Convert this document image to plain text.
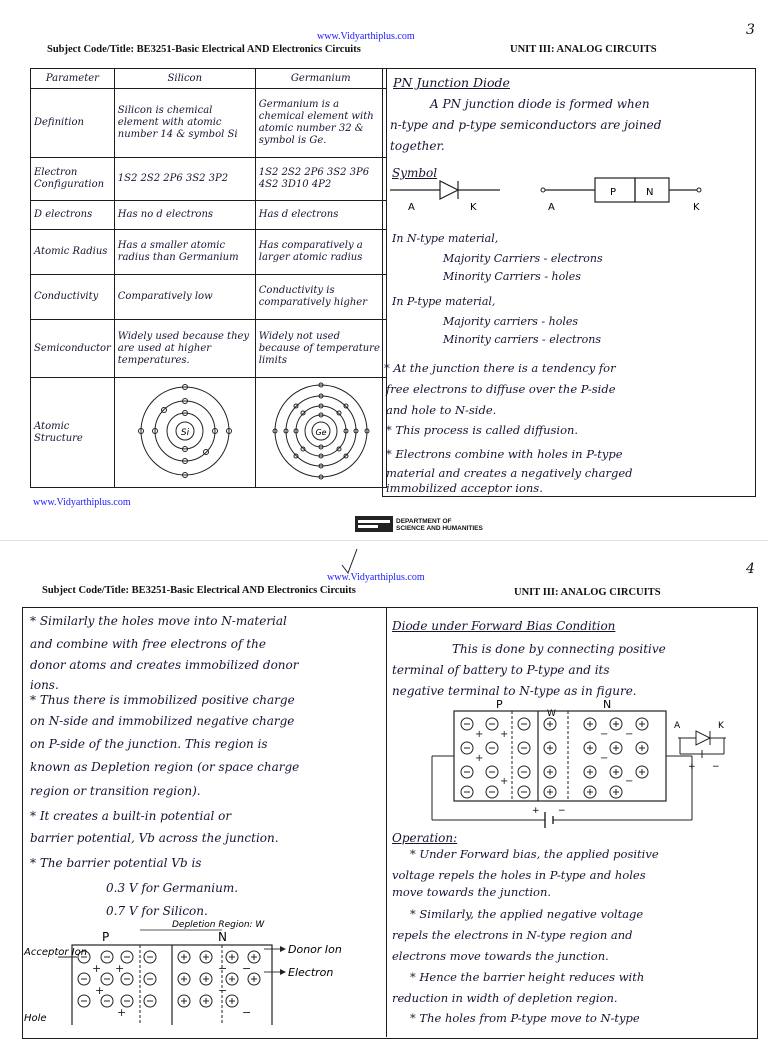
www.Vidyarthiplus.com	3
Subject Code/Title: BE3251-Basic Electrical AND Electronics Circuits	UNIT III: ANALOG CIRCUITS
Parameter	Silicon	Germanium
Definition	Silicon is chemical element with atomic number 14 & symbol Si	Germanium is a chemical element with atomic number 32 & symbol is Ge.
Electron Configuration	1S2 2S2 2P6 3S2 3P2	1S2 2S2 2P6 3S2 3P6 4S2 3D10 4P2
D electrons	Has no d electrons	Has d electrons
Atomic Radius	Has a smaller atomic radius than Germanium	Has comparatively a larger atomic radius
Conductivity	Comparatively low	Conductivity is comparatively higher
Semiconductor	Widely used because they are used at higher temperatures.	Widely not used because of temperature limits
Atomic Structure	Si	Ge
PN Junction Diode
A PN junction diode is formed when
n-type and p-type semiconductors are joined
together.
Symbol
A	K	A
P	N
K
In N-type material,
Majority Carriers - electrons
Minority Carriers - holes
In P-type material,
Majority carriers - holes
Minority carriers - electrons
* At the junction there is a tendency for
free electrons to diffuse over the P-side
and hole to N-side.
* This process is called diffusion.
* Electrons combine with holes in P-type
material and creates a negatively charged
immobilized acceptor ions.
www.Vidyarthiplus.com
DEPARTMENT OF
SCIENCE AND HUMANITIES
4
www.Vidyarthiplus.com
Subject Code/Title: BE3251-Basic Electrical AND Electronics Circuits	UNIT III: ANALOG CIRCUITS
* Similarly the holes move into N-material
and combine with free electrons of the
donor atoms and creates immobilized donor
ions.
* Thus there is immobilized positive charge
on N-side and immobilized negative charge
on P-side of the junction. This region is
known as Depletion region (or space charge
region or transition region).
* It creates a built-in potential or
barrier potential, Vb across the junction.
* The barrier potential Vb is
0.3 V for Germanium.
0.7 V for Silicon.
Depletion Region: W
P	N
+ +
+
+
− −
−
−
Acceptor Ion
Hole
Donor Ion
Electron
Diode under Forward Bias Condition
This is done by connecting positive
terminal of battery to P-type and its
negative terminal to N-type as in figure.
P	N
W
+ +
+
+
− −
−
−
+ −
A	K
+ −
Operation:
* Under Forward bias, the applied positive
voltage repels the holes in P-type and holes
move towards the junction.
* Similarly, the applied negative voltage
repels the electrons in N-type region and
electrons move towards the junction.
* Hence the barrier height reduces with
reduction in width of depletion region.
* The holes from P-type move to N-type
